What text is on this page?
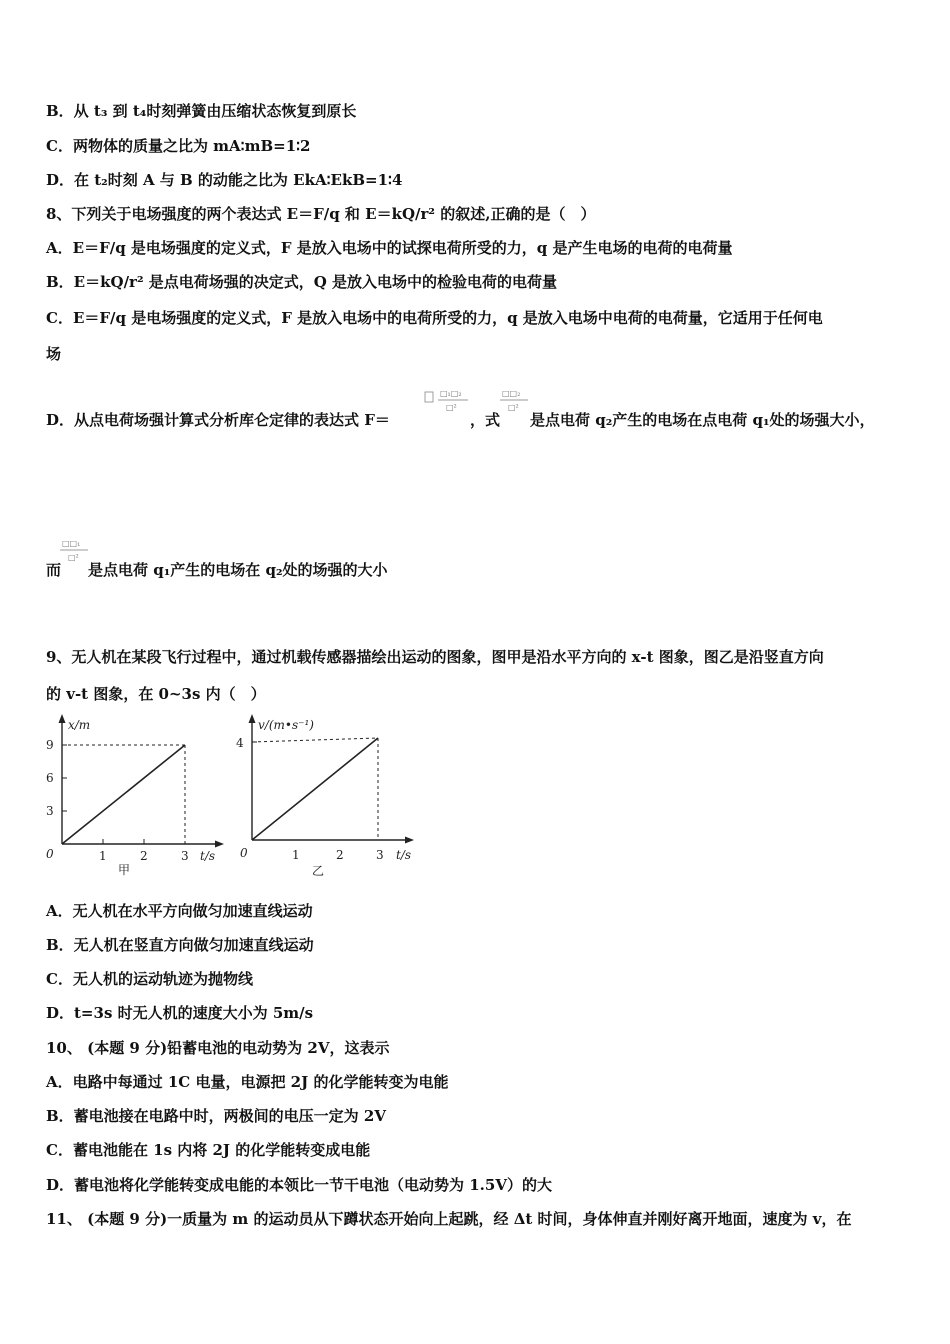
B．从 t₃ 到 t₄时刻弹簧由压缩状态恢复到原长
C．两物体的质量之比为 mA∶mB=1∶2
D．在 t₂时刻 A 与 B 的动能之比为 EkA∶EkB=1∶4
8、下列关于电场强度的两个表达式 E＝F/q 和 E＝kQ/r² 的叙述,正确的是（　）
A．E＝F/q 是电场强度的定义式，F 是放入电场中的试探电荷所受的力，q 是产生电场的电荷的电荷量
B．E＝kQ/r² 是点电荷场强的决定式，Q 是放入电场中的检验电荷的电荷量
C．E＝F/q 是电场强度的定义式，F 是放入电场中的电荷所受的力，q 是放入电场中电荷的电荷量，它适用于任何电
场
D．从点电荷场强计算式分析库仑定律的表达式 F＝
□₁□₂
□²
，式
□□₂
□²
是点电荷 q₂产生的电场在点电荷 q₁处的场强大小，
而
□□₁
□²
是点电荷 q₁产生的电场在 q₂处的场强的大小
9、无人机在某段飞行过程中，通过机载传感器描绘出运动的图象，图甲是沿水平方向的 x-t 图象，图乙是沿竖直方向
的 v-t 图象，在 0~3s 内（　）
x/m
9
6
3
0	1	2	3 t/s
甲
v/(m•s⁻¹)
4
0	1	2	3 t/s
乙
A．无人机在水平方向做匀加速直线运动
B．无人机在竖直方向做匀加速直线运动
C．无人机的运动轨迹为抛物线
D．t=3s 时无人机的速度大小为 5m/s
10、 (本题 9 分)铅蓄电池的电动势为 2V，这表示
A．电路中每通过 1C 电量，电源把 2J 的化学能转变为电能
B．蓄电池接在电路中时，两极间的电压一定为 2V
C．蓄电池能在 1s 内将 2J 的化学能转变成电能
D．蓄电池将化学能转变成电能的本领比一节干电池（电动势为 1.5V）的大
11、 (本题 9 分)一质量为 m 的运动员从下蹲状态开始向上起跳，经 Δt 时间，身体伸直并刚好离开地面，速度为 v，在
